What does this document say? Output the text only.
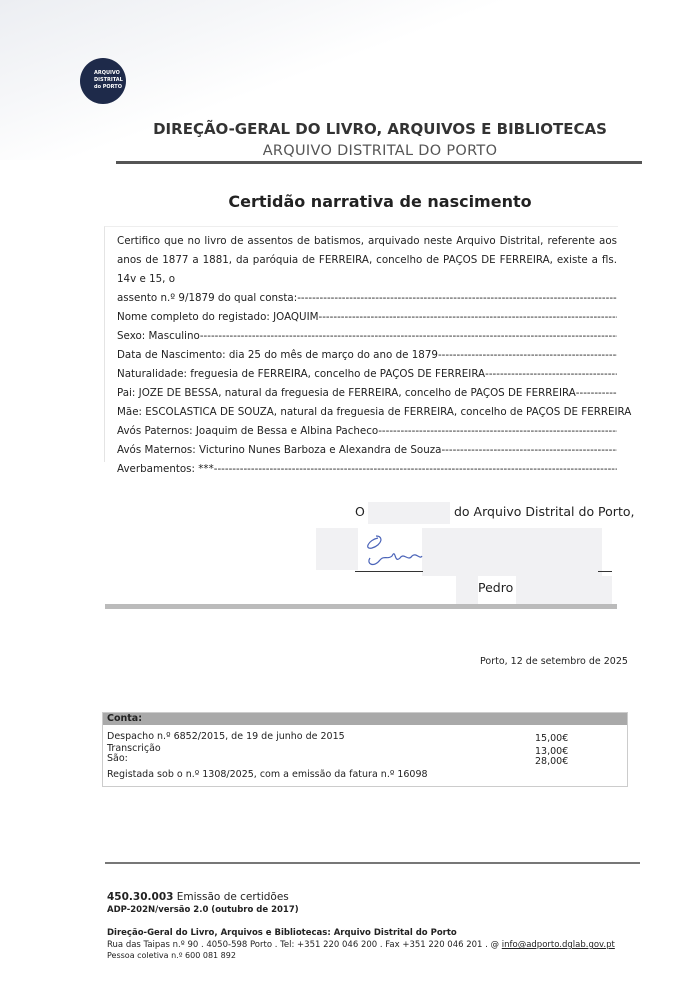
ARQUIVO
DISTRITAL
do PORTO
DIREÇÃO-GERAL DO LIVRO, ARQUIVOS E BIBLIOTECAS
ARQUIVO DISTRITAL DO PORTO
Certidão narrativa de nascimento
Certifico que no livro de assentos de batismos, arquivado neste Arquivo Distrital, referente aos anos de 1877 a 1881, da paróquia de FERREIRA, concelho de PAÇOS DE FERREIRA, existe a fls. 14v e 15, o
assento n.º 9/1879 do qual consta:
-----
Nome completo do registado: JOAQUIM
-----
Sexo: Masculino
-----
Data de Nascimento: dia 25 do mês de março do ano de 1879
-----
Naturalidade: freguesia de FERREIRA, concelho de PAÇOS DE FERREIRA
-----
Pai: JOZE DE BESSA, natural da freguesia de FERREIRA, concelho de PAÇOS DE FERREIRA
-----
Mãe: ESCOLASTICA DE SOUZA, natural da freguesia de FERREIRA, concelho de PAÇOS DE FERREIRA
Avós Paternos: Joaquim de Bessa e Albina Pacheco
-----
Avós Maternos: Victurino Nunes Barboza e Alexandra de Souza
-----
Averbamentos: ***
-----
O	do Arquivo Distrital do Porto,
Pedro
Porto, 12 de setembro de 2025
Conta:
Despacho n.º 6852/2015, de 19 de junho de 2015	15,00€
Transcrição	13,00€
São:	28,00€
Registada sob o n.º 1308/2025, com a emissão da fatura n.º 16098
450.30.003 Emissão de certidões
ADP-202N/versão 2.0 (outubro de 2017)
Direção-Geral do Livro, Arquivos e Bibliotecas: Arquivo Distrital do Porto
Rua das Taipas n.º 90 . 4050-598 Porto . Tel: +351 220 046 200 . Fax +351 220 046 201 . @ info@adporto.dglab.gov.pt
Pessoa coletiva n.º 600 081 892
